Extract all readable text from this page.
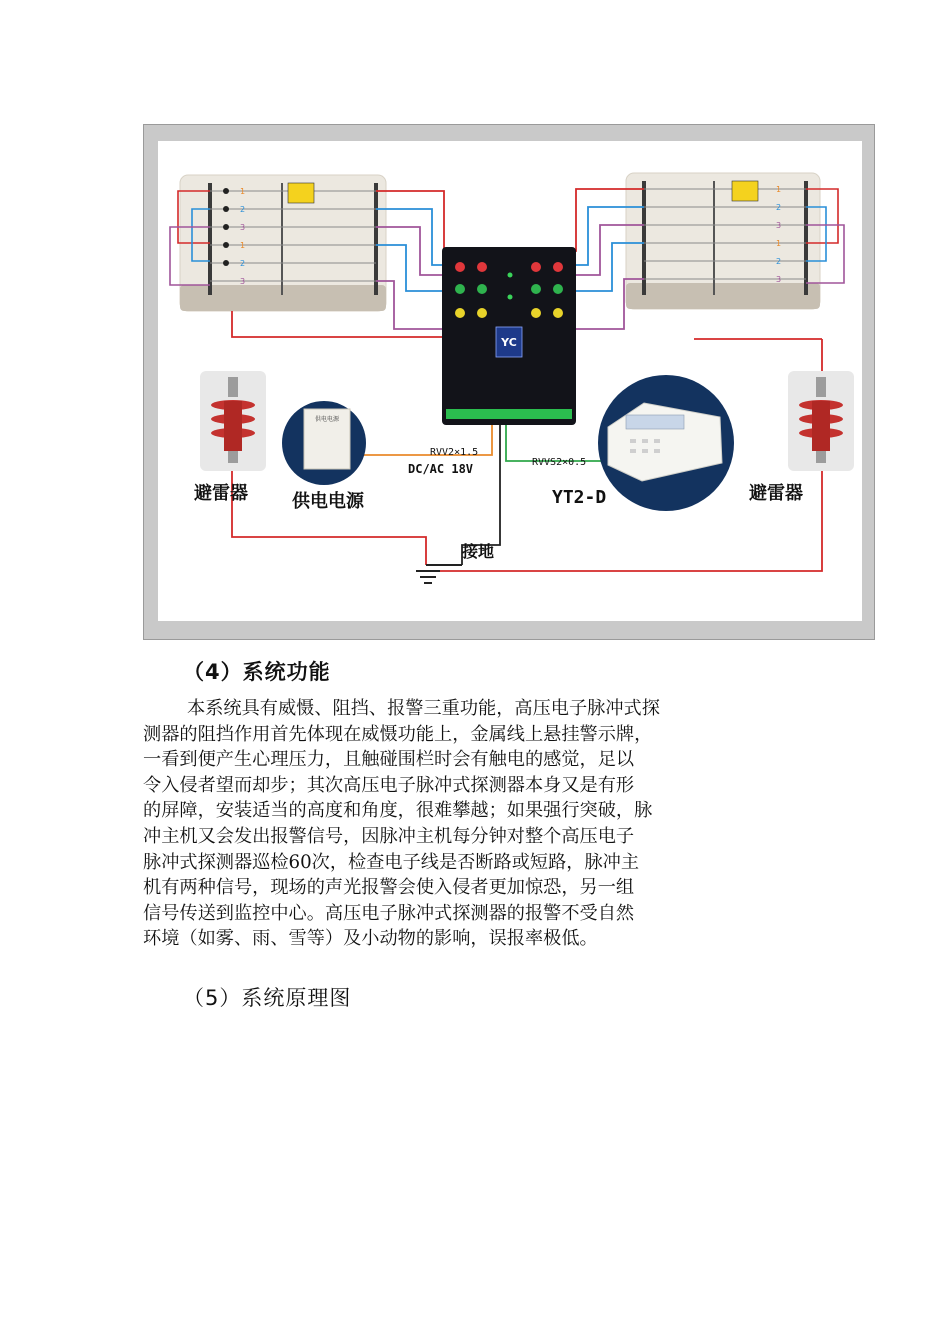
YC
供电电源
1
2
3
1
2
3
1
2
3
1
2
3
避雷器	避雷器
供电电源
RVV2×1.5
DC/AC 18V	RVVS2×0.5
YT2-D
接地
（4）系统功能
本系统具有威慑、阻挡、报警三重功能，高压电子脉冲式探
测器的阻挡作用首先体现在威慑功能上，金属线上悬挂警示牌，
一看到便产生心理压力，且触碰围栏时会有触电的感觉，足以
令入侵者望而却步；其次高压电子脉冲式探测器本身又是有形
的屏障，安装适当的高度和角度，很难攀越；如果强行突破，脉
冲主机又会发出报警信号，因脉冲主机每分钟对整个高压电子
脉冲式探测器巡检60次，检查电子线是否断路或短路，脉冲主
机有两种信号，现场的声光报警会使入侵者更加惊恐，另一组
信号传送到监控中心。高压电子脉冲式探测器的报警不受自然
环境（如雾、雨、雪等）及小动物的影响，误报率极低。
（5）系统原理图
